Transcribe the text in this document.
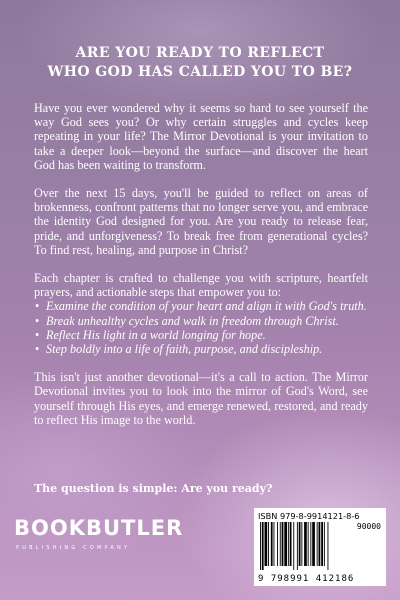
ARE YOU READY TO REFLECT
WHO GOD HAS CALLED YOU TO BE?

Have you ever wondered why it seems so hard to see yourself the way God sees you? Or why certain struggles and cycles keep repeating in your life? The Mirror Devotional is your invitation to take a deeper look—beyond the surface—and discover the heart God has been waiting to transform.

Over the next 15 days, you'll be guided to reflect on areas of brokenness, confront patterns that no longer serve you, and embrace the identity God designed for you. Are you ready to release fear, pride, and unforgiveness? To break free from generational cycles? To find rest, healing, and purpose in Christ?

Each chapter is crafted to challenge you with scripture, heartfelt prayers, and actionable steps that empower you to:

• Examine the condition of your heart and align it with God's truth.
• Break unhealthy cycles and walk in freedom through Christ.
• Reflect His light in a world longing for hope.
• Step boldly into a life of faith, purpose, and discipleship.

This isn't just another devotional—it's a call to action. The Mirror Devotional invites you to look into the mirror of God's Word, see yourself through His eyes, and emerge renewed, restored, and ready to reflect His image to the world.

The question is simple: Are you ready?

BOOKBUTLER

PUBLISHING COMPANY

ISBN 979-8-9914121-8-6

90000

9 798991 412186
